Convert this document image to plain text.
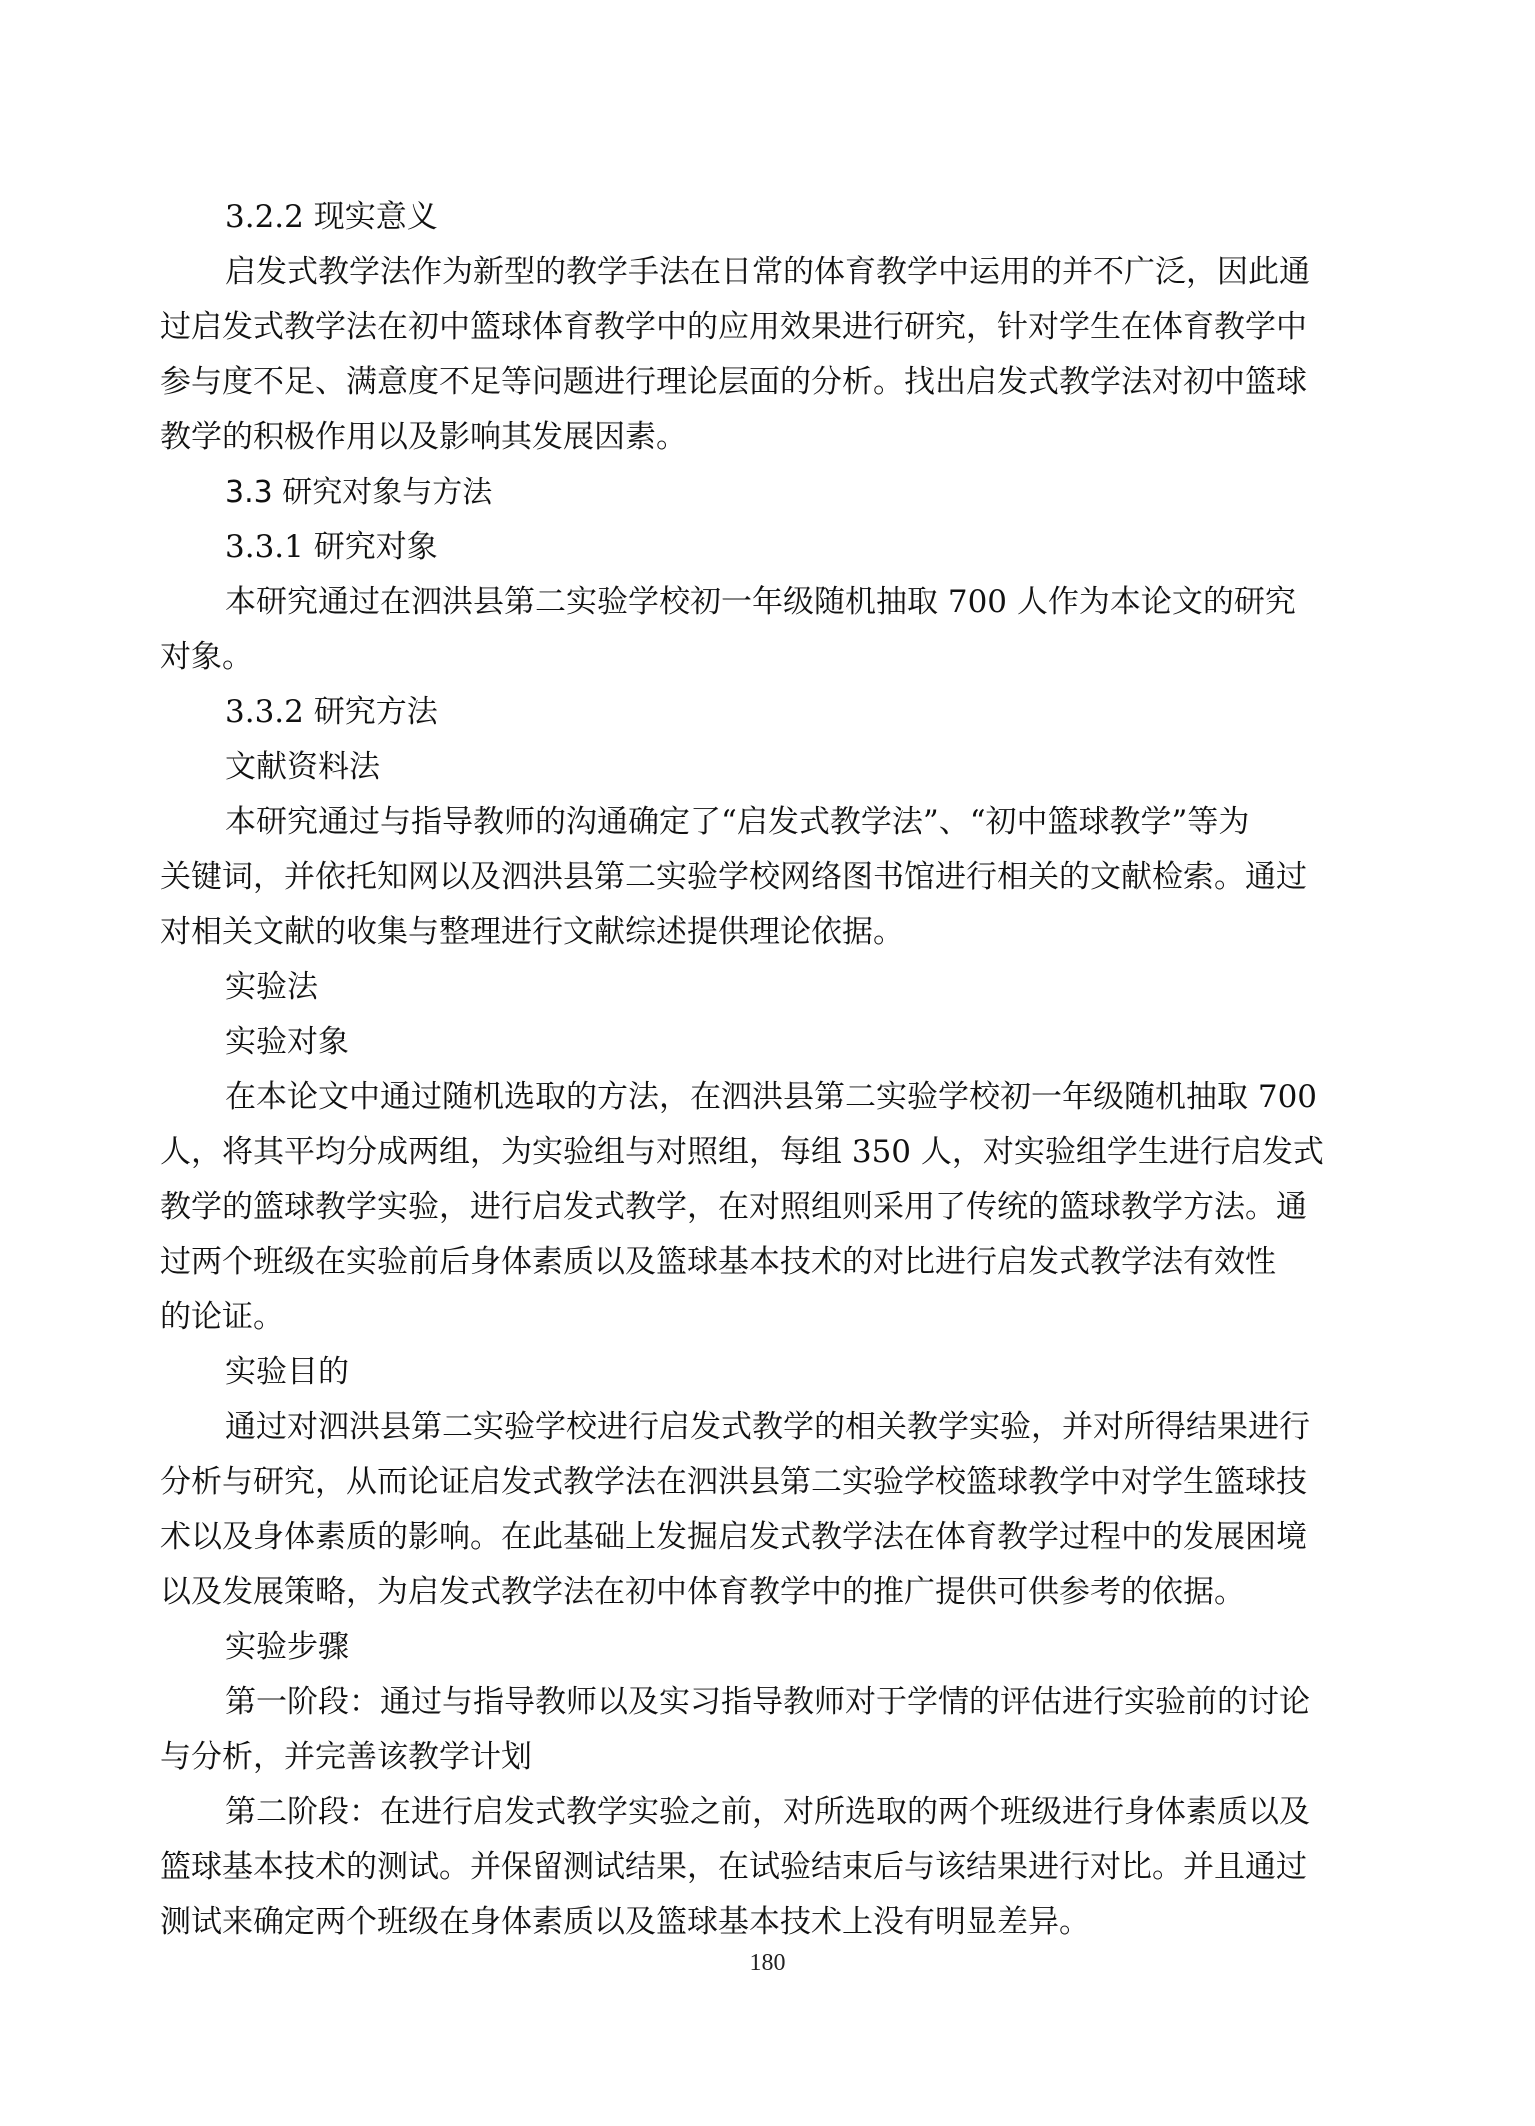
3.2.2 现实意义
启发式教学法作为新型的教学手法在日常的体育教学中运用的并不广泛，因此通
过启发式教学法在初中篮球体育教学中的应用效果进行研究，针对学生在体育教学中
参与度不足、满意度不足等问题进行理论层面的分析。找出启发式教学法对初中篮球
教学的积极作用以及影响其发展因素。
3.3 研究对象与方法
3.3.1 研究对象
本研究通过在泗洪县第二实验学校初一年级随机抽取 700 人作为本论文的研究
对象。
3.3.2 研究方法
文献资料法
本研究通过与指导教师的沟通确定了“启发式教学法”、“初中篮球教学”等为
关键词，并依托知网以及泗洪县第二实验学校网络图书馆进行相关的文献检索。通过
对相关文献的收集与整理进行文献综述提供理论依据。
实验法
实验对象
在本论文中通过随机选取的方法，在泗洪县第二实验学校初一年级随机抽取 700
人，将其平均分成两组，为实验组与对照组，每组 350 人，对实验组学生进行启发式
教学的篮球教学实验，进行启发式教学，在对照组则采用了传统的篮球教学方法。通
过两个班级在实验前后身体素质以及篮球基本技术的对比进行启发式教学法有效性
的论证。
实验目的
通过对泗洪县第二实验学校进行启发式教学的相关教学实验，并对所得结果进行
分析与研究，从而论证启发式教学法在泗洪县第二实验学校篮球教学中对学生篮球技
术以及身体素质的影响。在此基础上发掘启发式教学法在体育教学过程中的发展困境
以及发展策略，为启发式教学法在初中体育教学中的推广提供可供参考的依据。
实验步骤
第一阶段：通过与指导教师以及实习指导教师对于学情的评估进行实验前的讨论
与分析，并完善该教学计划
第二阶段：在进行启发式教学实验之前，对所选取的两个班级进行身体素质以及
篮球基本技术的测试。并保留测试结果，在试验结束后与该结果进行对比。并且通过
测试来确定两个班级在身体素质以及篮球基本技术上没有明显差异。
180
